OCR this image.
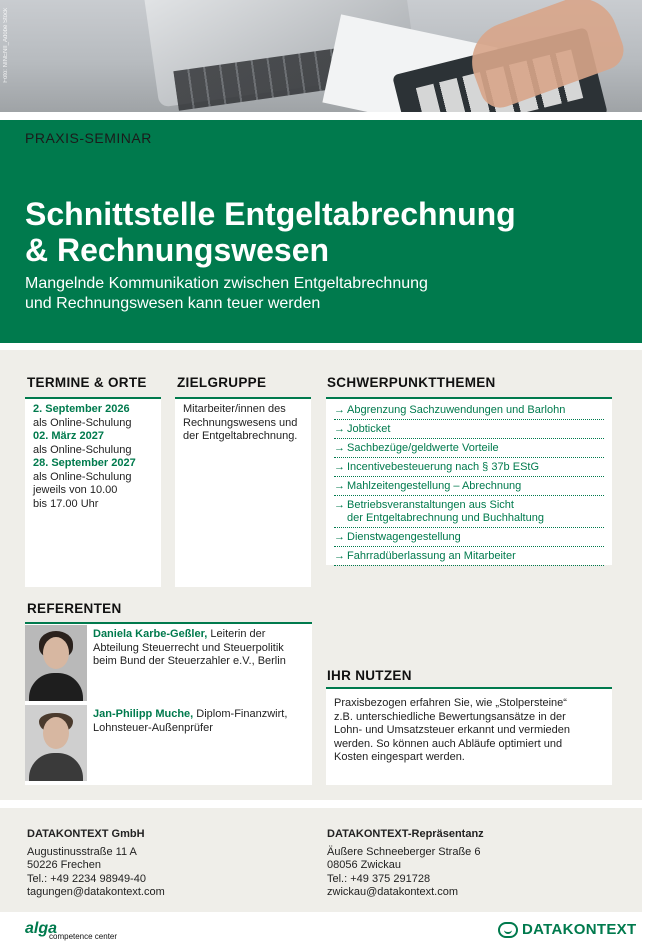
Foto: NINENII_Adobe Stock
PRAXIS-SEMINAR
Schnittstelle Entgeltabrechnung
& Rechnungswesen
Mangelnde Kommunikation zwischen Entgeltabrechnung
und Rechnungswesen kann teuer werden
TERMINE & ORTE ZIELGRUPPE	SCHWERPUNKTTHEMEN
2. September 2026
als Online-Schulung
02. März 2027
als Online-Schulung
28. September 2027
als Online-Schulung
jeweils von 10.00
bis 17.00 Uhr
Mitarbeiter/innen des
Rechnungswesens und
der Entgeltabrechnung.
→ Abgrenzung Sachzuwendungen und Barlohn
→ Jobticket
→ Sachbezüge/geldwerte Vorteile
→ Incentivebesteuerung nach § 37b EStG
→ Mahlzeitengestellung – Abrechnung
→ Betriebsveranstaltungen aus Sicht
der Entgeltabrechnung und Buchhaltung
→ Dienstwagengestellung
→ Fahrradüberlassung an Mitarbeiter
REFERENTEN
Daniela Karbe-Geßler, Leiterin der
Abteilung Steuerrecht und Steuerpolitik
beim Bund der Steuerzahler e.V., Berlin
Jan-Philipp Muche, Diplom-Finanzwirt,
Lohnsteuer-Außenprüfer
IHR NUTZEN
Praxisbezogen erfahren Sie, wie „Stolpersteine“
z.B. unterschiedliche Bewertungsansätze in der
Lohn- und Umsatzsteuer erkannt und vermieden
werden. So können auch Abläufe optimiert und
Kosten eingespart werden.
DATAKONTEXT GmbH
Augustinusstraße 11 A
50226 Frechen
Tel.: +49 2234 98949-40
tagungen@datakontext.com
DATAKONTEXT-Repräsentanz
Äußere Schneeberger Straße 6
08056 Zwickau
Tel.: +49 375 291728
zwickau@datakontext.com
alga
competence center	DATAKONTEXT
